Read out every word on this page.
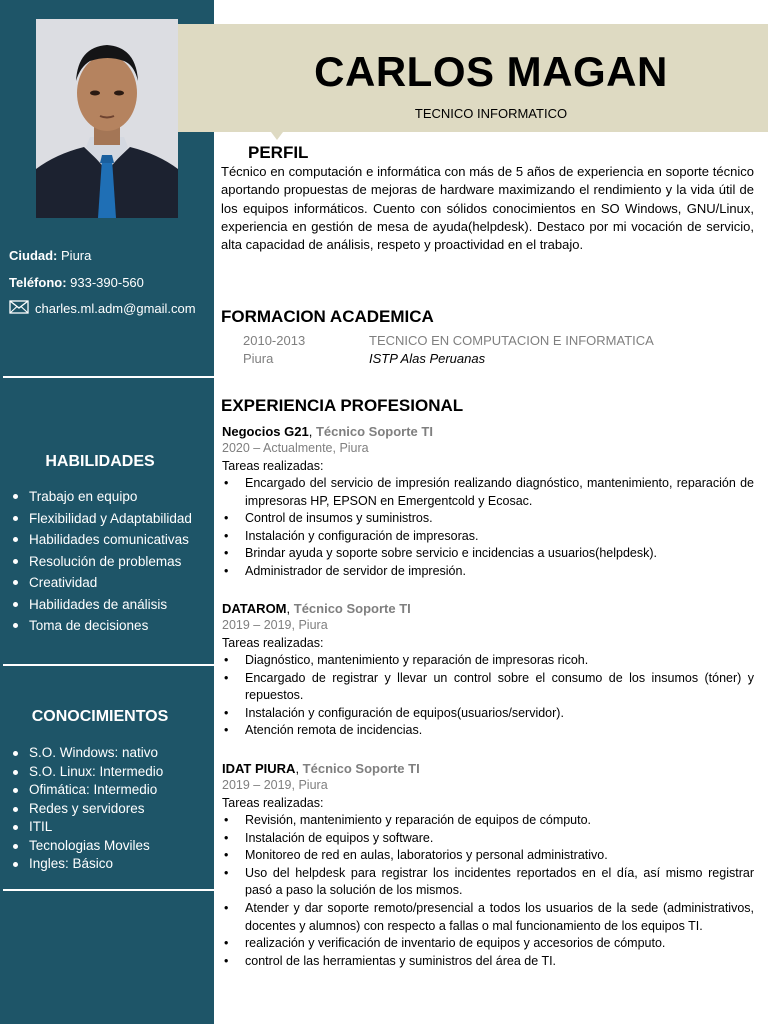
Ciudad: Piura
Teléfono: 933-390-560
charles.ml.adm@gmail.com
HABILIDADES
Trabajo en equipo
Flexibilidad y Adaptabilidad
Habilidades comunicativas
Resolución de problemas
Creatividad
Habilidades de análisis
Toma de decisiones
CONOCIMIENTOS
S.O. Windows: nativo
S.O. Linux: Intermedio
Ofimática: Intermedio
Redes y servidores
ITIL
Tecnologias Moviles
Ingles: Básico
CARLOS MAGAN
TECNICO INFORMATICO
PERFIL
Técnico en computación e informática con más de 5 años de experiencia en soporte técnico aportando propuestas de mejoras de hardware maximizando el rendimiento y la vida útil de los equipos informáticos. Cuento con sólidos conocimientos en SO Windows, GNU/Linux, experiencia en gestión de mesa de ayuda(helpdesk). Destaco por mi vocación de servicio, alta capacidad de análisis, respeto y proactividad en el trabajo.
FORMACION ACADEMICA
2010-2013	TECNICO EN COMPUTACION E INFORMATICA
Piura	ISTP Alas Peruanas
EXPERIENCIA PROFESIONAL
Negocios G21, Técnico Soporte TI
2020 – Actualmente, Piura
Tareas realizadas:
• Encargado del servicio de impresión realizando diagnóstico, mantenimiento, reparación de impresoras HP, EPSON en Emergentcold y Ecosac.
• Control de insumos y suministros.
• Instalación y configuración de impresoras.
• Brindar ayuda y soporte sobre servicio e incidencias a usuarios(helpdesk).
• Administrador de servidor de impresión.
DATAROM, Técnico Soporte TI
2019 – 2019, Piura
Tareas realizadas:
• Diagnóstico, mantenimiento y reparación de impresoras ricoh.
• Encargado de registrar y llevar un control sobre el consumo de los insumos (tóner) y repuestos.
• Instalación y configuración de equipos(usuarios/servidor).
• Atención remota de incidencias.
IDAT PIURA, Técnico Soporte TI
2019 – 2019, Piura
Tareas realizadas:
• Revisión, mantenimiento y reparación de equipos de cómputo.
• Instalación de equipos y software.
• Monitoreo de red en aulas, laboratorios y personal administrativo.
• Uso del helpdesk para registrar los incidentes reportados en el día, así mismo registrar pasó a paso la solución de los mismos.
• Atender y dar soporte remoto/presencial a todos los usuarios de la sede (administrativos, docentes y alumnos) con respecto a fallas o mal funcionamiento de los equipos TI.
• realización y verificación de inventario de equipos y accesorios de cómputo.
• control de las herramientas y suministros del área de TI.
